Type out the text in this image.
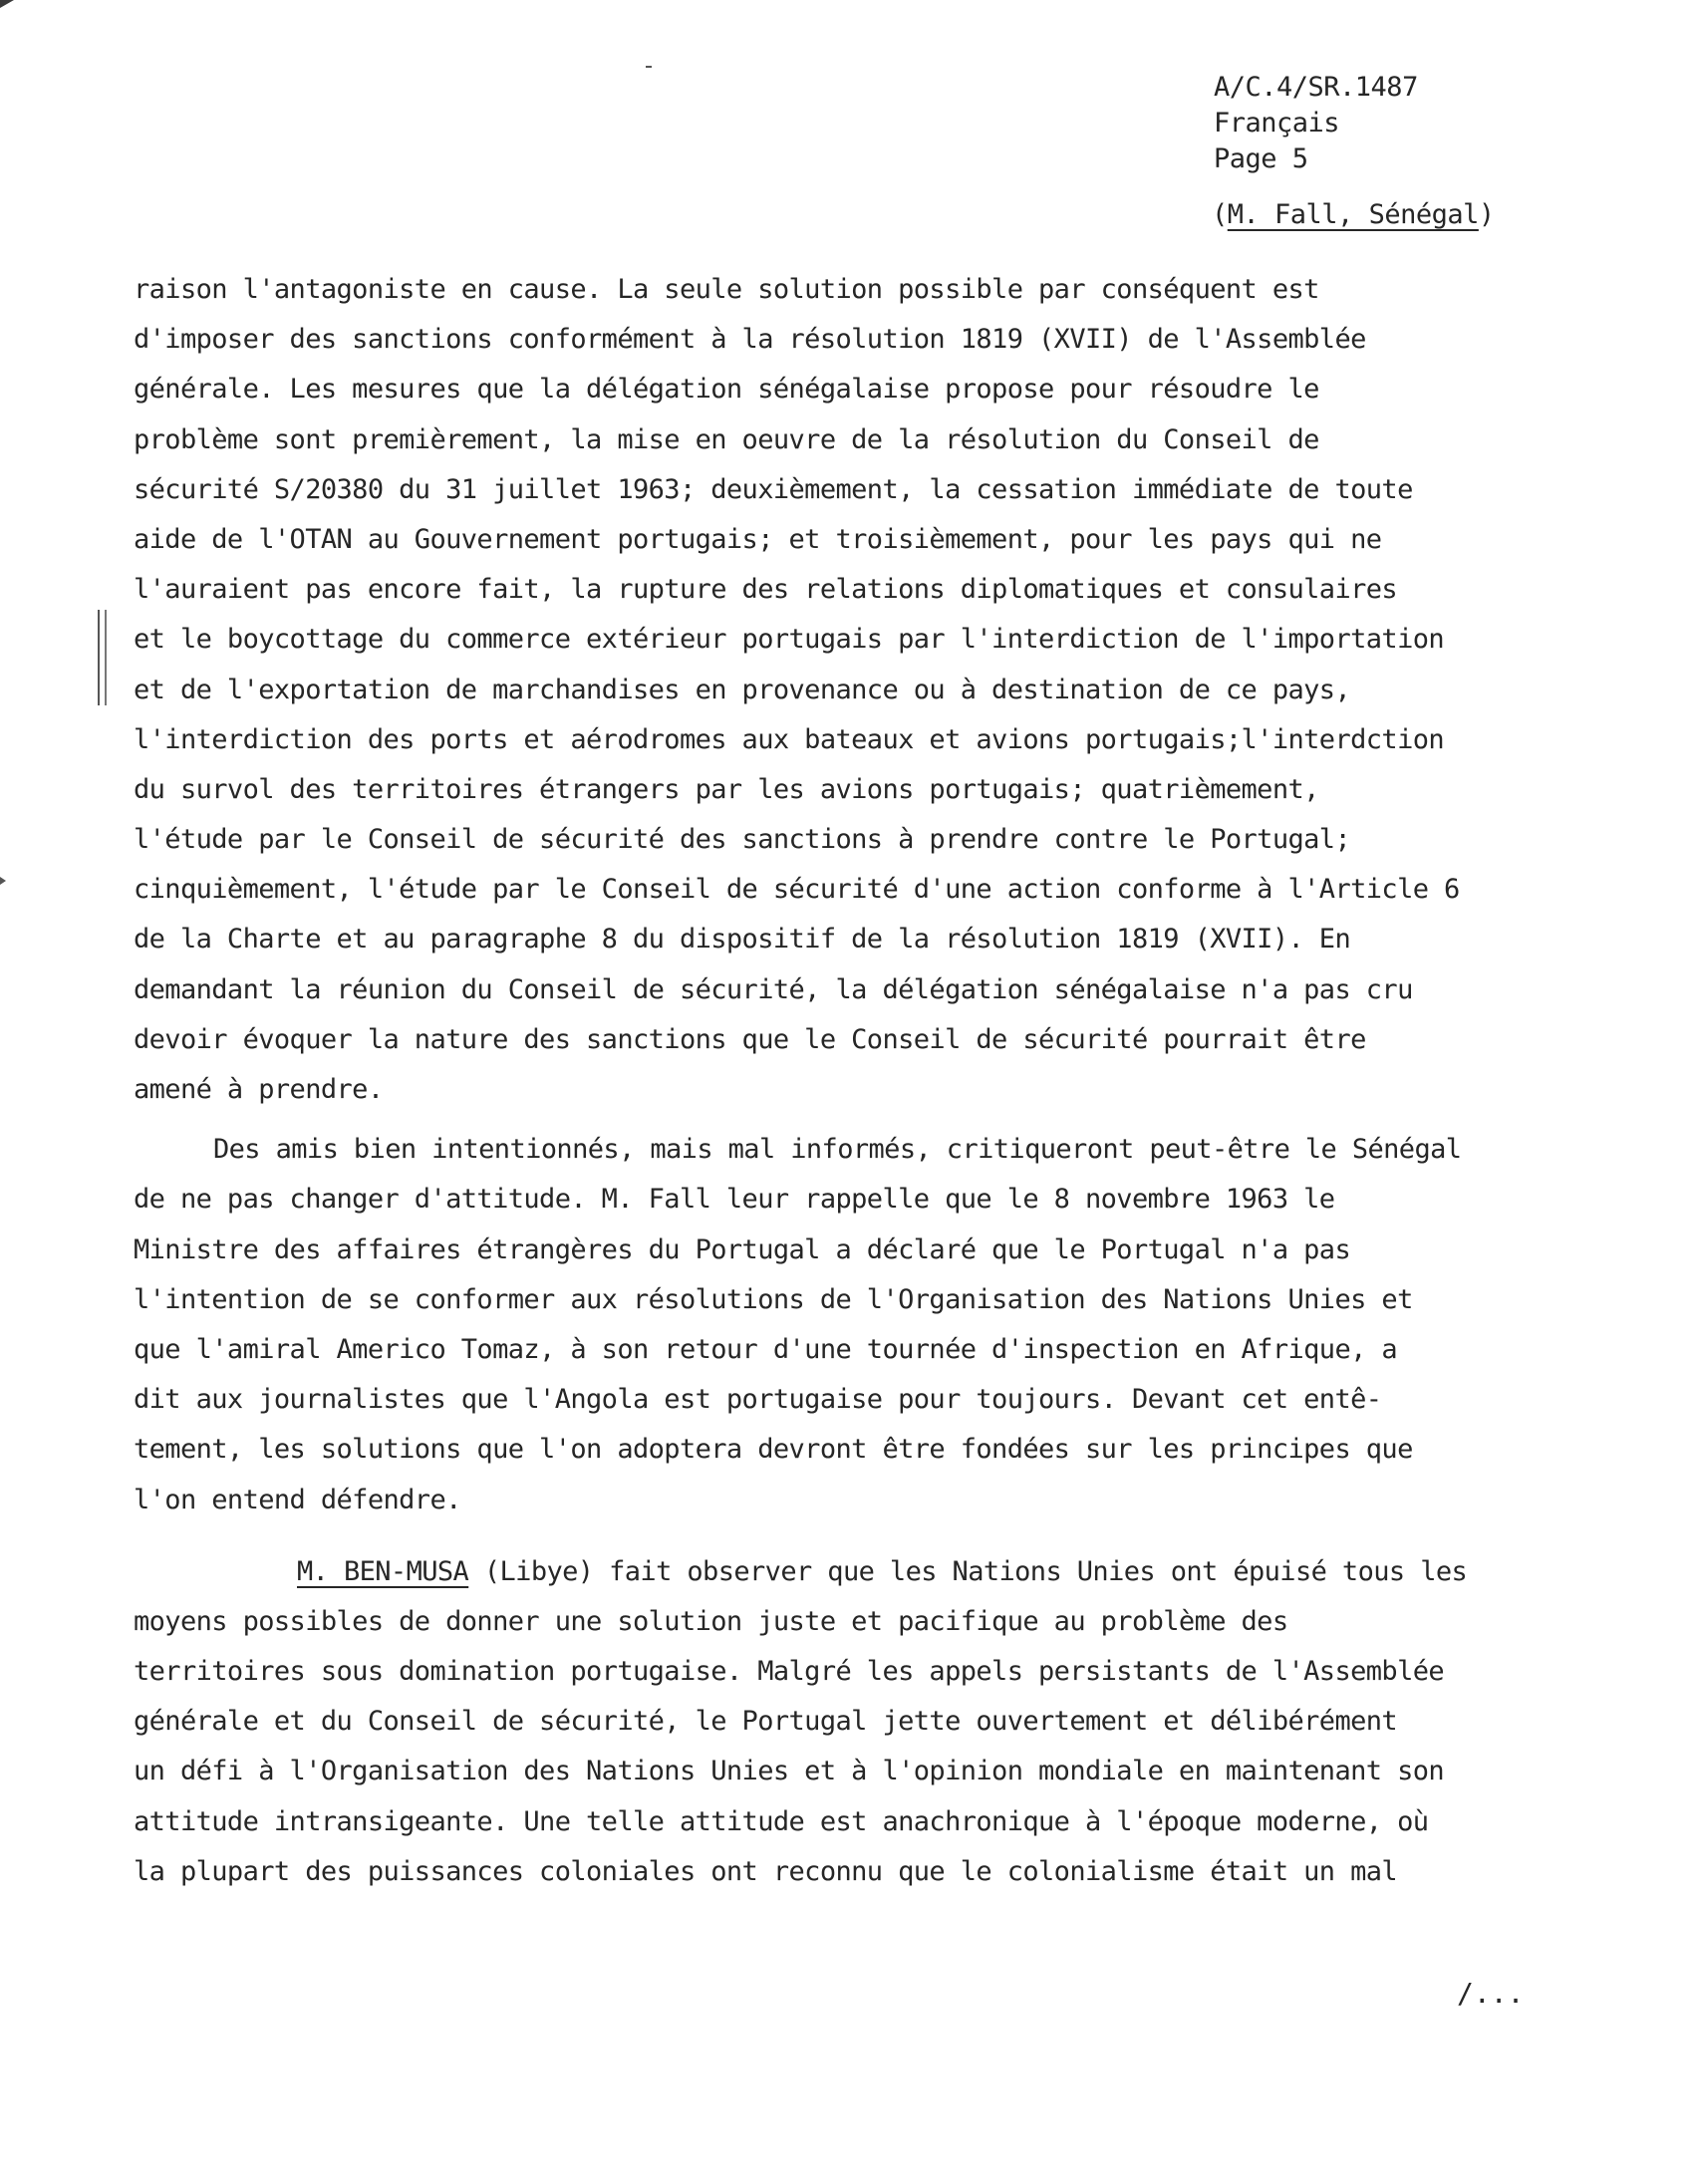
A/C.4/SR.1487
Français
Page 5
(M. Fall, Sénégal)
raison l'antagoniste en cause. La seule solution possible par conséquent est
d'imposer des sanctions conformément à la résolution 1819 (XVII) de l'Assemblée
générale. Les mesures que la délégation sénégalaise propose pour résoudre le
problème sont premièrement, la mise en oeuvre de la résolution du Conseil de
sécurité S/20380 du 31 juillet 1963; deuxièmement, la cessation immédiate de toute
aide de l'OTAN au Gouvernement portugais; et troisièmement, pour les pays qui ne
l'auraient pas encore fait, la rupture des relations diplomatiques et consulaires
et le boycottage du commerce extérieur portugais par l'interdiction de l'importation
et de l'exportation de marchandises en provenance ou à destination de ce pays,
l'interdiction des ports et aérodromes aux bateaux et avions portugais;l'interdction
du survol des territoires étrangers par les avions portugais; quatrièmement,
l'étude par le Conseil de sécurité des sanctions à prendre contre le Portugal;
cinquièmement, l'étude par le Conseil de sécurité d'une action conforme à l'Article 6
de la Charte et au paragraphe 8 du dispositif de la résolution 1819 (XVII). En
demandant la réunion du Conseil de sécurité, la délégation sénégalaise n'a pas cru
devoir évoquer la nature des sanctions que le Conseil de sécurité pourrait être
amené à prendre.
Des amis bien intentionnés, mais mal informés, critiqueront peut-être le Sénégal
de ne pas changer d'attitude. M. Fall leur rappelle que le 8 novembre 1963 le
Ministre des affaires étrangères du Portugal a déclaré que le Portugal n'a pas
l'intention de se conformer aux résolutions de l'Organisation des Nations Unies et
que l'amiral Americo Tomaz, à son retour d'une tournée d'inspection en Afrique, a
dit aux journalistes que l'Angola est portugaise pour toujours. Devant cet entê-
tement, les solutions que l'on adoptera devront être fondées sur les principes que
l'on entend défendre.
M. BEN-MUSA (Libye) fait observer que les Nations Unies ont épuisé tous les
moyens possibles de donner une solution juste et pacifique au problème des
territoires sous domination portugaise. Malgré les appels persistants de l'Assemblée
générale et du Conseil de sécurité, le Portugal jette ouvertement et délibérément
un défi à l'Organisation des Nations Unies et à l'opinion mondiale en maintenant son
attitude intransigeante. Une telle attitude est anachronique à l'époque moderne, où
la plupart des puissances coloniales ont reconnu que le colonialisme était un mal
/...
